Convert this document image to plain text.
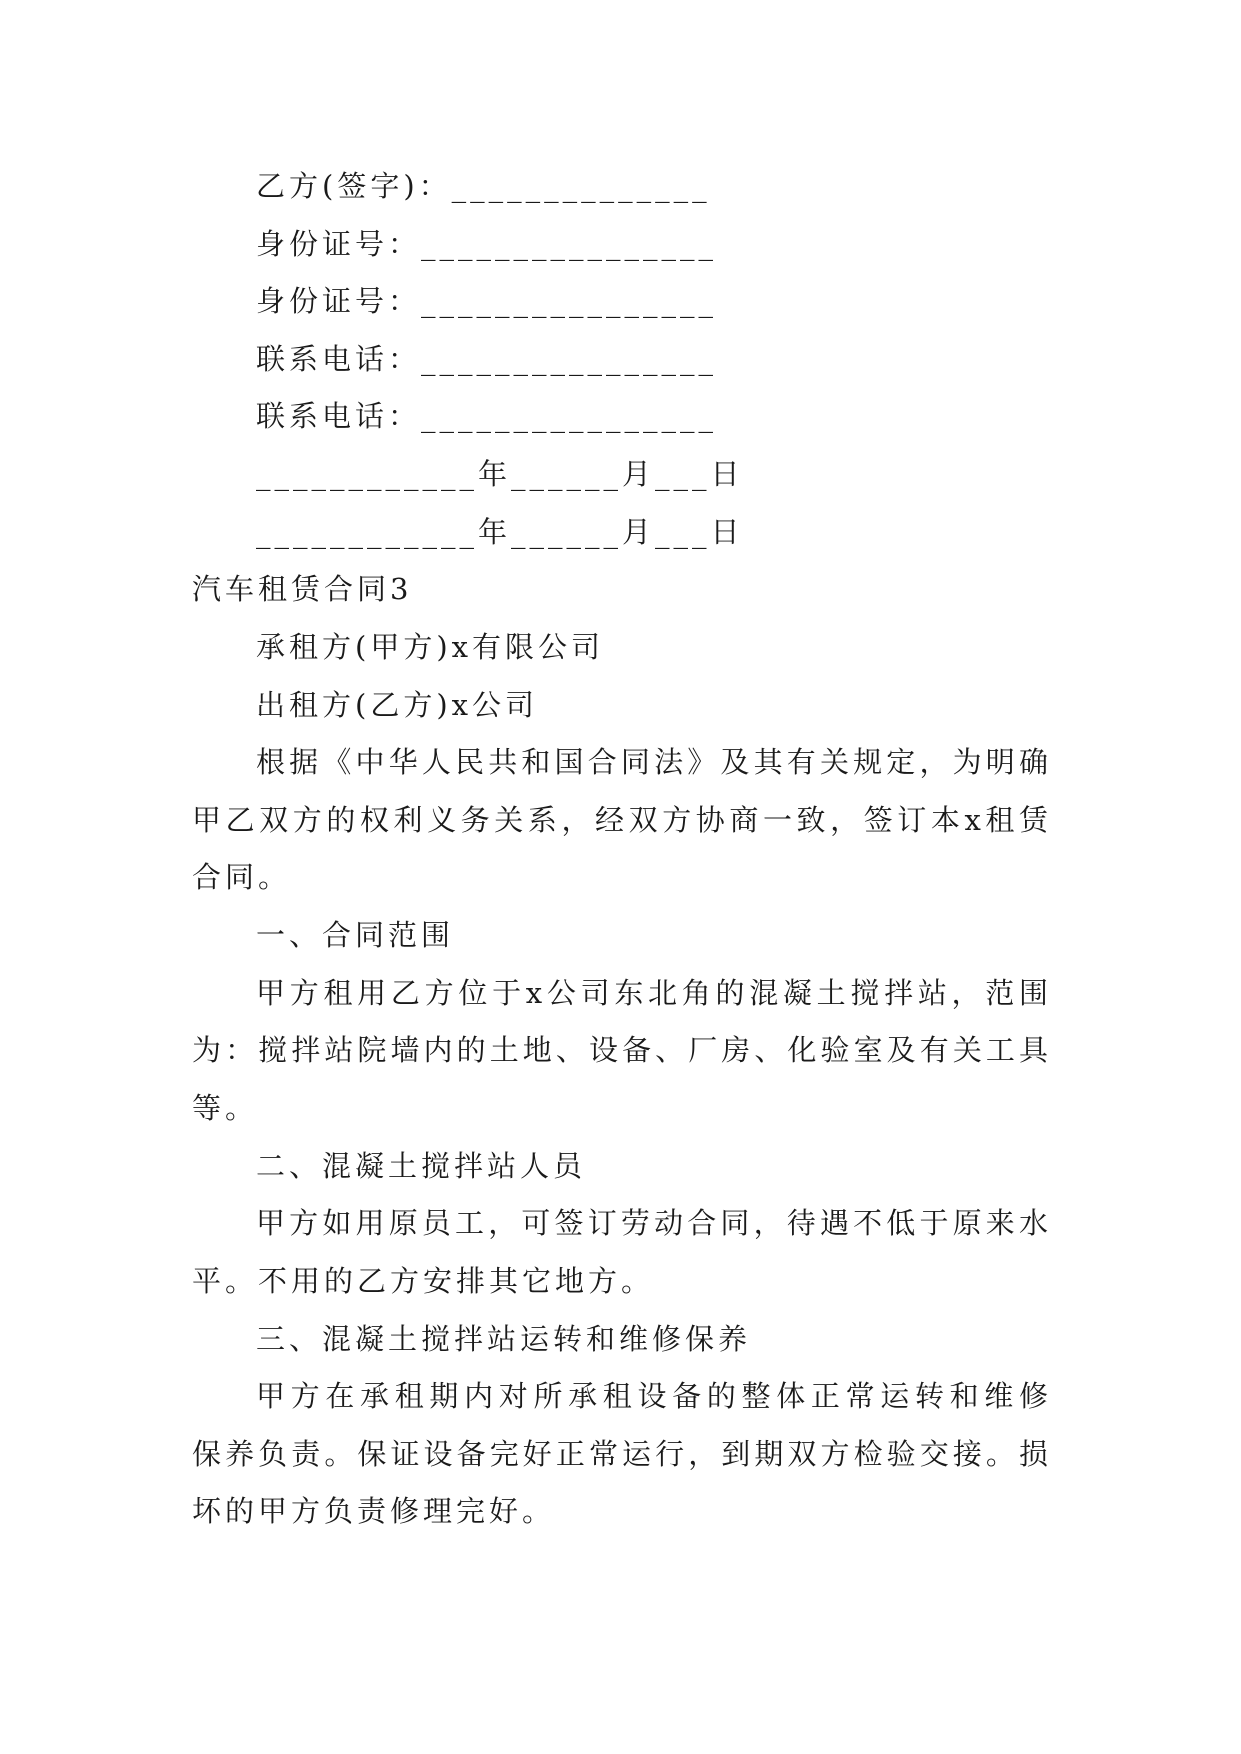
乙方(签字)：______________
身份证号：________________
身份证号：________________
联系电话：________________
联系电话：________________
____________年______月___日
____________年______月___日
汽车租赁合同3
承租方(甲方)x有限公司
出租方(乙方)x公司
根据《中华人民共和国合同法》及其有关规定，为明确
甲乙双方的权利义务关系，经双方协商一致，签订本x租赁
合同。
一、合同范围
甲方租用乙方位于x公司东北角的混凝土搅拌站，范围
为：搅拌站院墙内的土地、设备、厂房、化验室及有关工具
等。
二、混凝土搅拌站人员
甲方如用原员工，可签订劳动合同，待遇不低于原来水
平。不用的乙方安排其它地方。
三、混凝土搅拌站运转和维修保养
甲方在承租期内对所承租设备的整体正常运转和维修
保养负责。保证设备完好正常运行，到期双方检验交接。损
坏的甲方负责修理完好。
